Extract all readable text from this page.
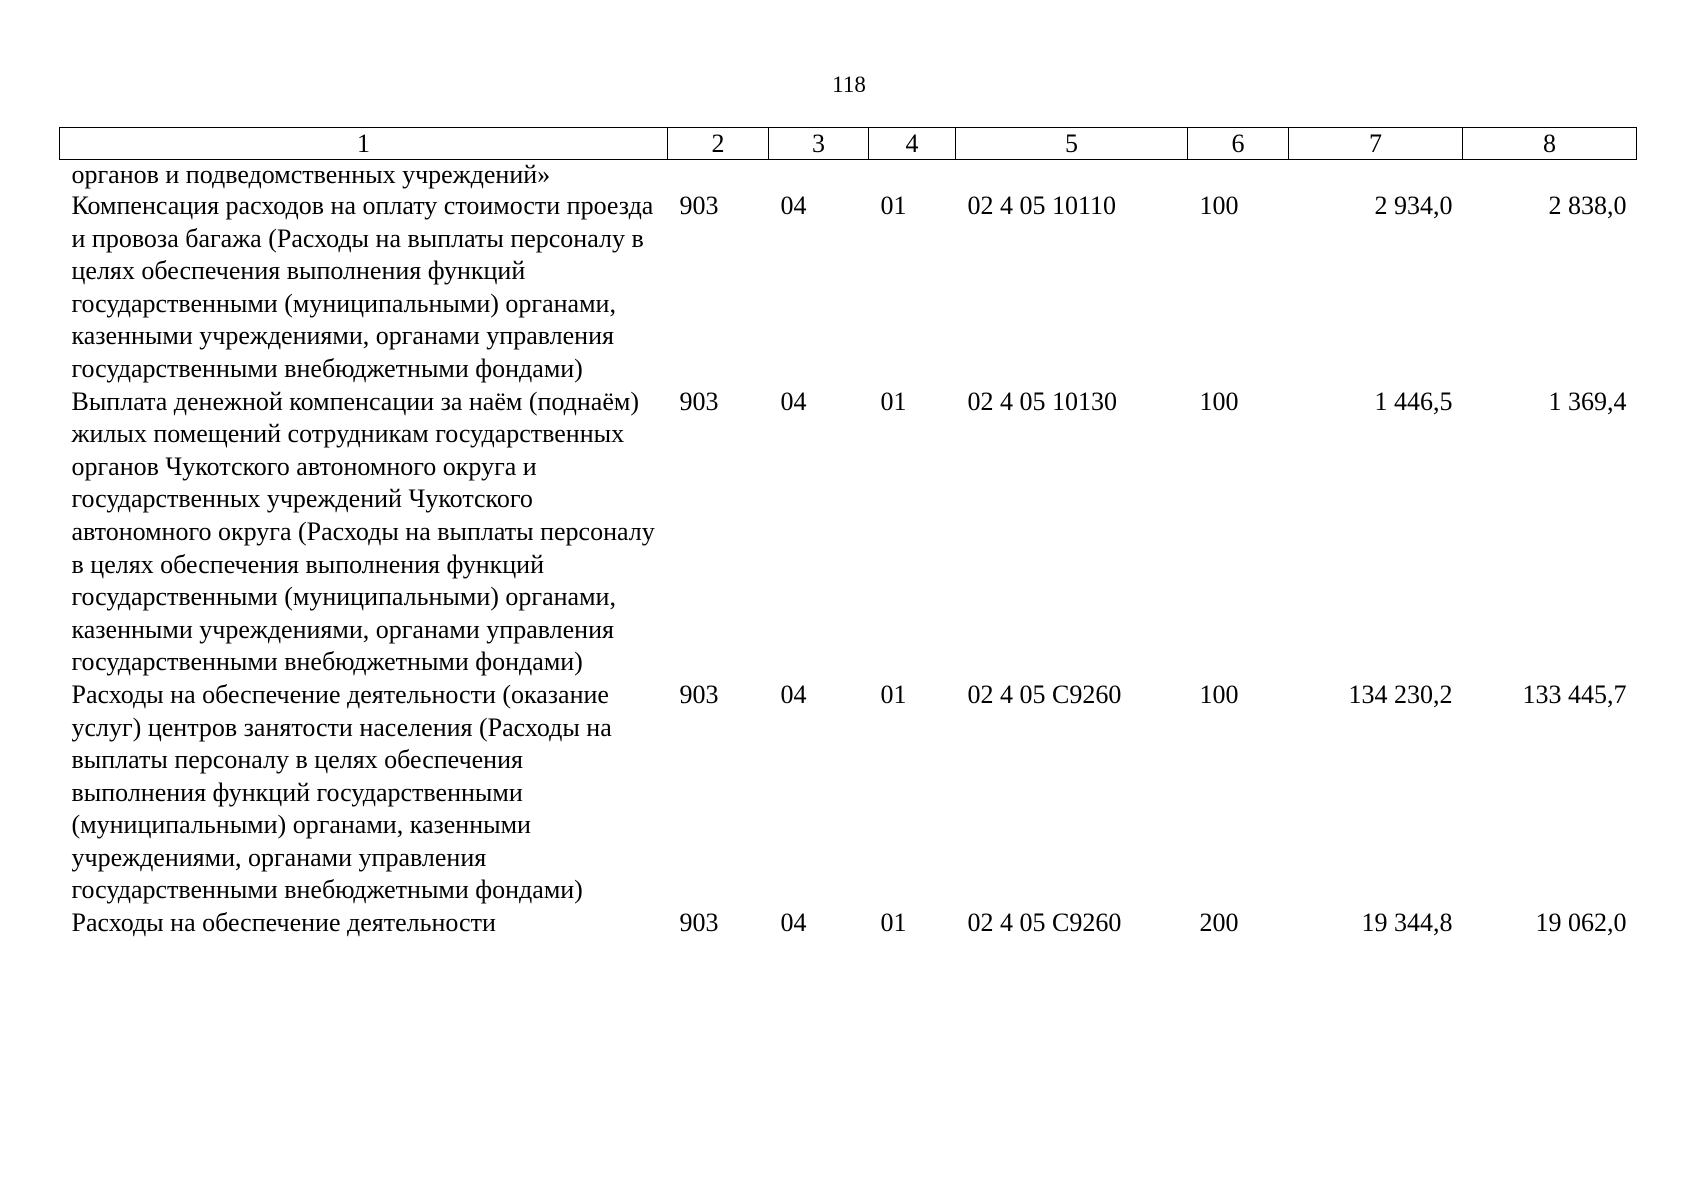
118
1	2	3	4	5	6	7	8
органов и подведомственных учреждений»							
Компенсация расходов на оплату стоимости проезда и провоза багажа (Расходы на выплаты персоналу в целях обеспечения выполнения функций государственными (муниципальными) органами, казенными учреждениями, органами управления государственными внебюджетными фондами)	903	04	01	02 4 05 10110	100	2 934,0	2 838,0
Выплата денежной компенсации за наём (поднаём) жилых помещений сотрудникам государственных органов Чукотского автономного округа и государственных учреждений Чукотского автономного округа (Расходы на выплаты персоналу в целях обеспечения выполнения функций государственными (муниципальными) органами, казенными учреждениями, органами управления государственными внебюджетными фондами)	903	04	01	02 4 05 10130	100	1 446,5	1 369,4
Расходы на обеспечение деятельности (оказание услуг) центров занятости населения (Расходы на выплаты персоналу в целях обеспечения выполнения функций государственными (муниципальными) органами, казенными учреждениями, органами управления государственными внебюджетными фондами)	903	04	01	02 4 05 С9260	100	134 230,2	133 445,7
Расходы на обеспечение деятельности	903	04	01	02 4 05 С9260	200	19 344,8	19 062,0
